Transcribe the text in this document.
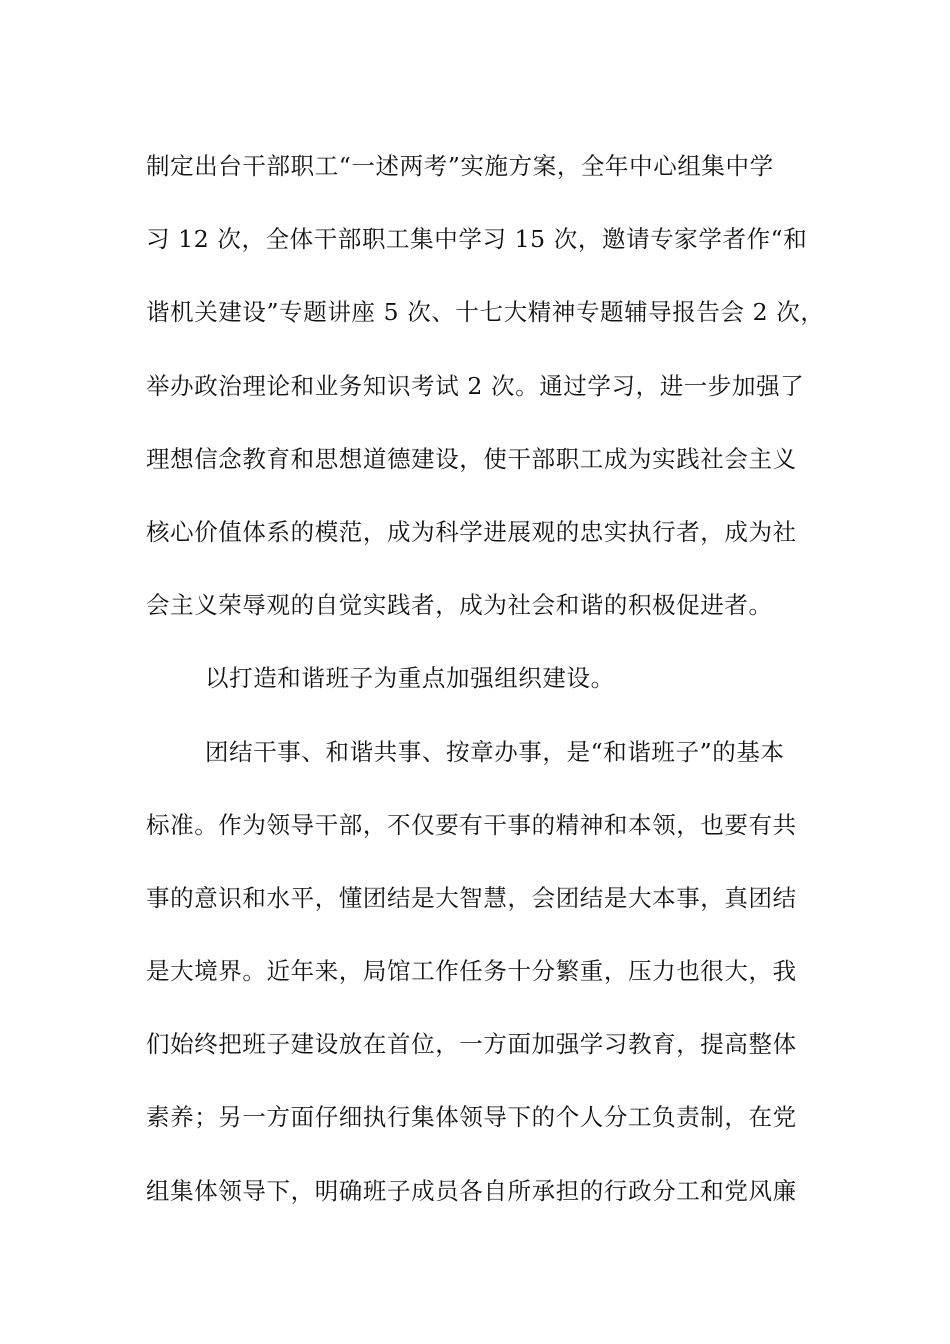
制定出台干部职工“一述两考”实施方案，全年中心组集中学
习 12 次，全体干部职工集中学习 15 次，邀请专家学者作“和
谐机关建设”专题讲座 5 次、十七大精神专题辅导报告会 2 次，
举办政治理论和业务知识考试 2 次。通过学习，进一步加强了
理想信念教育和思想道德建设，使干部职工成为实践社会主义
核心价值体系的模范，成为科学进展观的忠实执行者，成为社
会主义荣辱观的自觉实践者，成为社会和谐的积极促进者。
以打造和谐班子为重点加强组织建设。
团结干事、和谐共事、按章办事，是“和谐班子”的基本
标准。作为领导干部，不仅要有干事的精神和本领，也要有共
事的意识和水平，懂团结是大智慧，会团结是大本事，真团结
是大境界。近年来，局馆工作任务十分繁重，压力也很大，我
们始终把班子建设放在首位，一方面加强学习教育，提高整体
素养；另一方面仔细执行集体领导下的个人分工负责制，在党
组集体领导下，明确班子成员各自所承担的行政分工和党风廉
